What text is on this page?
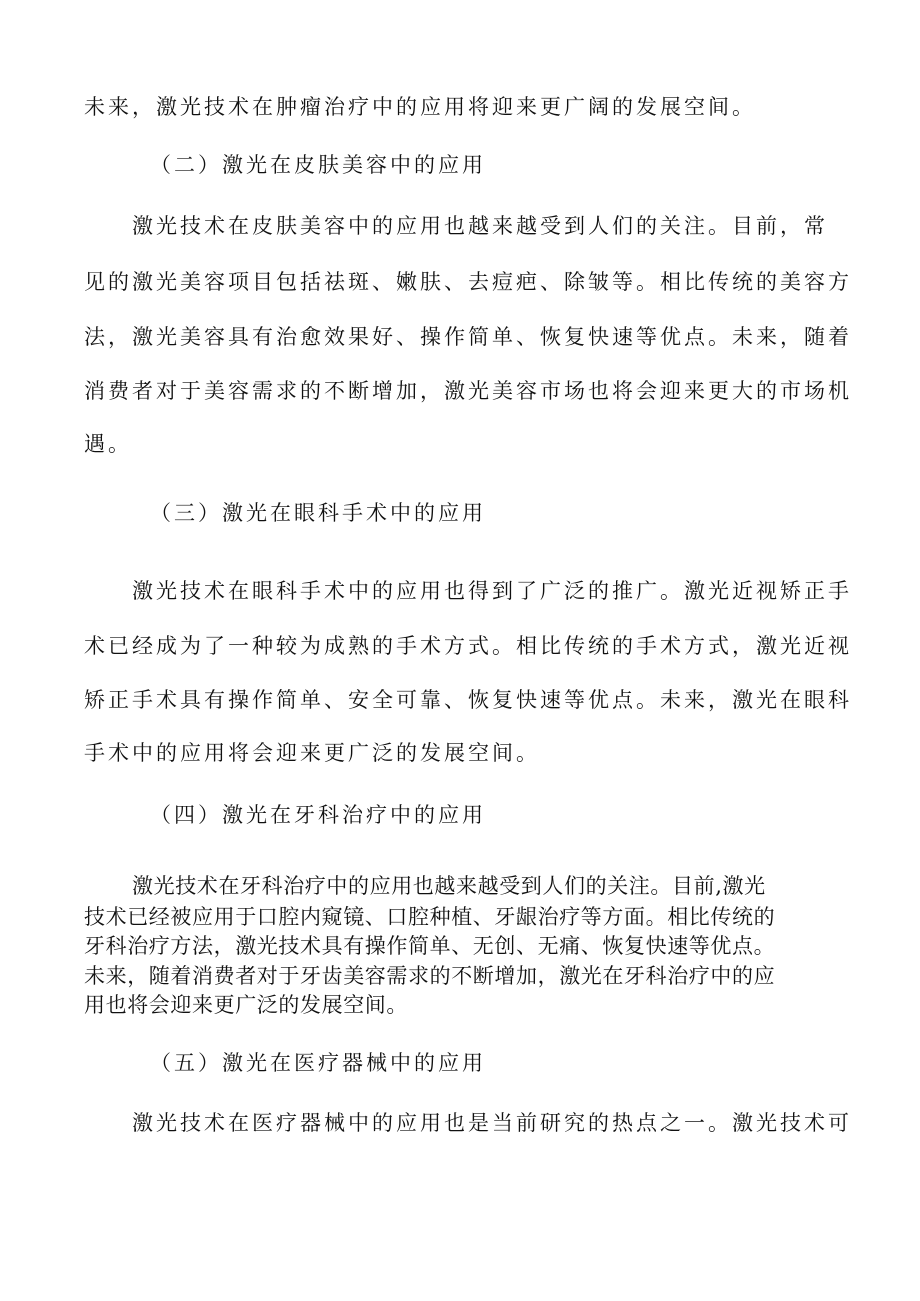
未来，激光技术在肿瘤治疗中的应用将迎来更广阔的发展空间。
（二）激光在皮肤美容中的应用
激光技术在皮肤美容中的应用也越来越受到人们的关注。目前，常
见的激光美容项目包括祛斑、嫩肤、去痘疤、除皱等。相比传统的美容方
法，激光美容具有治愈效果好、操作简单、恢复快速等优点。未来，随着
消费者对于美容需求的不断增加，激光美容市场也将会迎来更大的市场机
遇。
（三）激光在眼科手术中的应用
激光技术在眼科手术中的应用也得到了广泛的推广。激光近视矫正手
术已经成为了一种较为成熟的手术方式。相比传统的手术方式，激光近视
矫正手术具有操作简单、安全可靠、恢复快速等优点。未来，激光在眼科
手术中的应用将会迎来更广泛的发展空间。
（四）激光在牙科治疗中的应用
激光技术在牙科治疗中的应用也越来越受到人们的关注。目前,激光
技术已经被应用于口腔内窥镜、口腔种植、牙龈治疗等方面。相比传统的
牙科治疗方法，激光技术具有操作简单、无创、无痛、恢复快速等优点。
未来，随着消费者对于牙齿美容需求的不断增加，激光在牙科治疗中的应
用也将会迎来更广泛的发展空间。
（五）激光在医疗器械中的应用
激光技术在医疗器械中的应用也是当前研究的热点之一。激光技术可
